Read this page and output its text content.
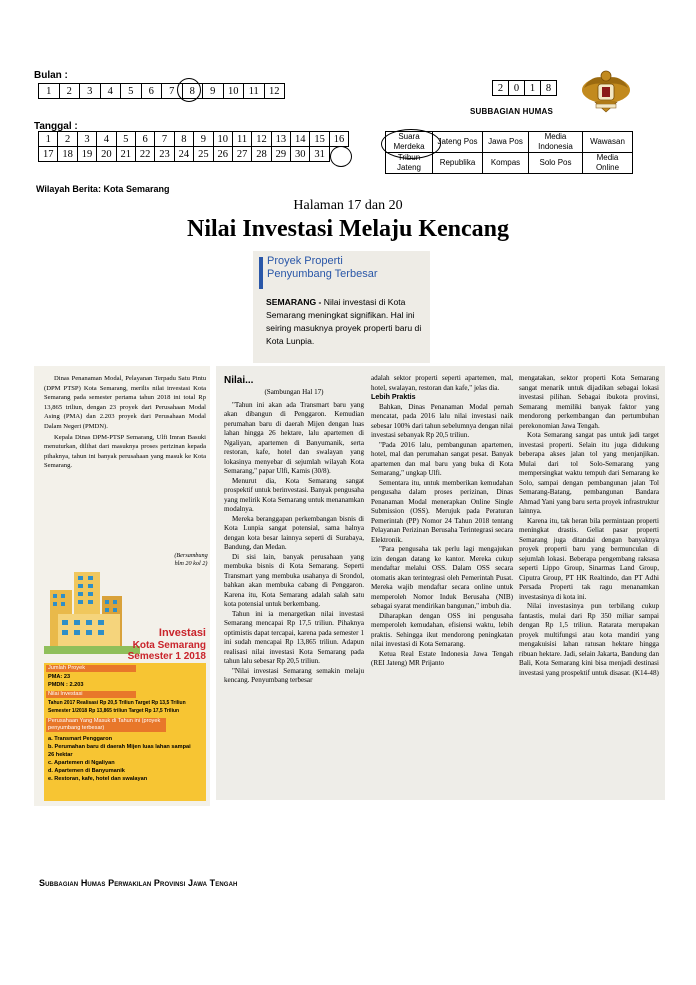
Bulan :
1	2	3	4	5	6	7	8	9	10	11	12
Tanggal :
1	2	3	4	5	6	7	8	9	10	11	12	13	14	15	16
17	18	19	20	21	22	23	24	25	26	27	28	29	30	31	
2	0	1	8
SUBBAGIAN HUMAS
Suara Merdeka	Jateng Pos	Jawa Pos	Media Indonesia	Wawasan
Tribun Jateng	Republika	Kompas	Solo Pos	Media Online
Wilayah Berita: Kota Semarang
Halaman 17 dan 20
Nilai Investasi Melaju Kencang
Proyek Properti
Penyumbang Terbesar
SEMARANG - Nilai investasi di Kota Semarang meningkat signifikan. Hal ini seiring masuknya proyek properti baru di Kota Lunpia.

Dinas Penanaman Modal, Pelayanan Terpadu Satu Pintu (DPM PTSP) Kota Semarang, merilis nilai investasi Kota Semarang pada semester pertama tahun 2018 ini total Rp 13,865 triliun, dengan 23 proyek dari Perusahaan Modal Asing (PMA) dan 2.203 proyek dari Perusahaan Modal Dalam Negeri (PMDN).

Kepala Dinas DPM-PTSP Semarang, Ulfi Imran Basuki menuturkan, dilihat dari masuknya proses perizinan kepada pihaknya, tahun ini banyak perusahaan yang masuk ke Kota Semarang.

(Bersambung hlm 20 kol 2)
Investasi
Kota Semarang
Semester 1 2018
Jumlah Proyek
PMA: 23
PMDN : 2.203
Nilai Investasi
Tahun 2017 Realisasi Rp 20,5 Triliun Target Rp 13,5 Triliun
Semester 1/2018 Rp 13,865 triliun Target Rp 17,5 Triliun
Perusahaan Yang Masuk di Tahun ini (proyek penyumbang terbesar)
a. Transmart Penggaron
b. Perumahan baru di daerah Mijen luas lahan sampai
26 hektar
c. Apartemen di Ngaliyan
d. Apartemen di Banyumanik
e. Restoran, kafe, hotel dan swalayan
Nilai...
(Sambungan Hal 17)

"Tahun ini akan ada Transmart baru yang akan dibangun di Penggaron. Kemudian perumahan baru di daerah Mijen dengan luas lahan hingga 26 hektare, lalu apartemen di Ngaliyan, apartemen di Banyumanik, serta restoran, kafe, hotel dan swalayan yang lokasinya menyebar di sejumlah wilayah Kota Semarang," papar Ulfi, Kamis (30/8).

Menurut dia, Kota Semarang sangat prospektif untuk berinvestasi. Banyak pengusaha yang melirik Kota Semarang untuk menanamkan modalnya.

Mereka beranggapan perkembangan bisnis di Kota Lunpia sangat potensial, sama halnya dengan kota besar lainnya seperti di Surabaya, Bandung, dan Medan.

Di sisi lain, banyak perusahaan yang membuka bisnis di Kota Semarang. Seperti Transmart yang membuka usahanya di Srondol, bahkan akan membuka cabang di Penggaron. Karena itu, Kota Semarang adalah salah satu kota potensial untuk berkembang.

Tahun ini ia menargetkan nilai investasi Semarang mencapai Rp 17,5 triliun. Pihaknya optimistis dapat tercapai, karena pada semester 1 ini sudah mencapai Rp 13,865 triliun. Adapun realisasi nilai investasi Kota Semarang pada tahun lalu sebesar Rp 20,5 triliun.

"Nilai investasi Semarang semakin melaju kencang. Penyumbang terbesar

adalah sektor properti seperti apartemen, mal, hotel, swalayan, restoran dan kafe," jelas dia.

Lebih Praktis

Bahkan, Dinas Penanaman Modal pernah mencatat, pada 2016 lalu nilai investasi naik sebesar 100% dari tahun sebelumnya dengan nilai investasi sebanyak Rp 20,5 triliun.

"Pada 2016 lalu, pembangunan apartemen, hotel, mal dan perumahan sangat pesat. Banyak apartemen dan mal baru yang buka di Kota Semarang," ungkap Ulfi.

Sementara itu, untuk memberikan kemudahan pengusaha dalam proses perizinan, Dinas Penanaman Modal menerapkan Online Single Submission (OSS). Merujuk pada Peraturan Pemerintah (PP) Nomor 24 Tahun 2018 tentang Pelayanan Perizinan Berusaha Terintegrasi secara Elektronik.

"Para pengusaha tak perlu lagi mengajukan izin dengan datang ke kantor. Mereka cukup mendaftar melalui OSS. Dalam OSS secara otomatis akan terintegrasi oleh Pemerintah Pusat. Mereka wajib mendaftar secara online untuk memperoleh Nomor Induk Berusaha (NIB) sebagai syarat mendirikan bangunan," imbuh dia.

Diharapkan dengan OSS ini pengusaha memperoleh kemudahan, efisiensi waktu, lebih praktis. Sehingga ikut mendorong peningkatan nilai investasi di Kota Semarang.

Ketua Real Estate Indonesia Jawa Tengah (REI Jateng) MR Prijanto

mengatakan, sektor properti Kota Semarang sangat menarik untuk dijadikan sebagai lokasi investasi pilihan. Sebagai ibukota provinsi, Semarang memiliki banyak faktor yang mendorong perkembangan dan pertumbuhan perekonomian Jawa Tengah.

Kota Semarang sangat pas untuk jadi target investasi properti. Selain itu juga didukung beberapa akses jalan tol yang menjanjikan. Mulai dari tol Solo-Semarang yang mempersingkat waktu tempuh dari Semarang ke Solo, sampai dengan pembangunan jalan Tol Semarang-Batang, pembangunan Bandara Ahmad Yani yang baru serta proyek infrastruktur lainnya.

Karena itu, tak heran bila permintaan properti meningkat drastis. Geliat pasar properti Semarang juga ditandai dengan banyaknya proyek properti baru yang bermunculan di sejumlah lokasi. Beberapa pengembang raksasa seperti Lippo Group, Sinarmas Land Group, Ciputra Group, PT HK Realtindo, dan PT Adhi Persada Properti tak ragu menanamkan investasinya di kota ini.

Nilai investasinya pun terbilang cukup fantastis, mulai dari Rp 350 miliar sampai dengan Rp 1,5 triliun. Ratarata merupakan proyek multifungsi atau kota mandiri yang mengakuisisi lahan ratusan hektare hingga ribuan hektare. Jadi, selain Jakarta, Bandung dan Bali, Kota Semarang kini bisa menjadi destinasi investasi yang prospektif untuk disasar. (K14-48)

Subbagian Humas Perwakilan Provinsi Jawa Tengah
